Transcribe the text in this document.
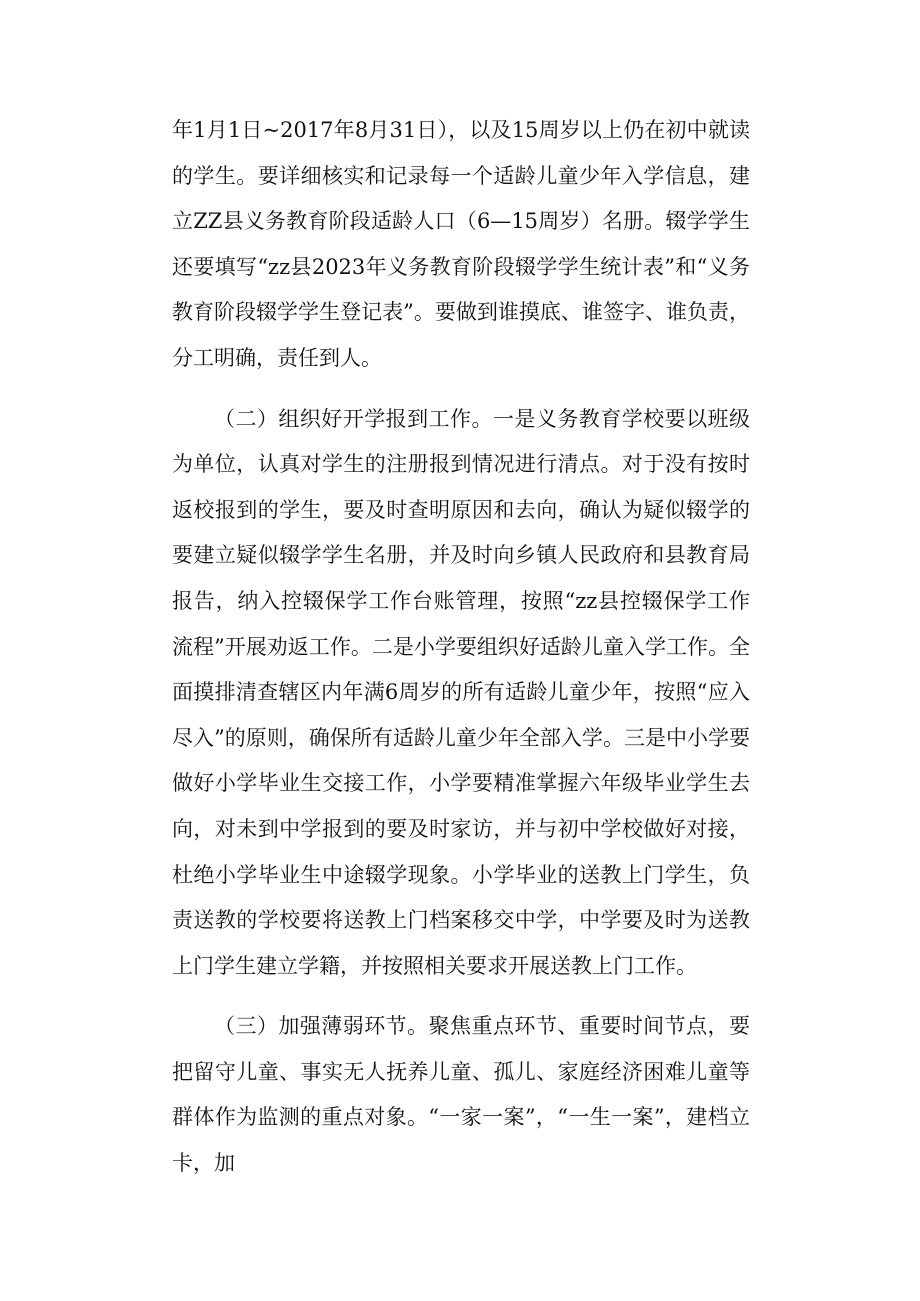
年1月1日~2017年8月31日），以及15周岁以上仍在初中就读的学生。要详细核实和记录每一个适龄儿童少年入学信息，建立ZZ县义务教育阶段适龄人口（6—15周岁）名册。辍学学生还要填写“zz县2023年义务教育阶段辍学学生统计表”和“义务教育阶段辍学学生登记表”。要做到谁摸底、谁签字、谁负责，分工明确，责任到人。

（二）组织好开学报到工作。一是义务教育学校要以班级为单位，认真对学生的注册报到情况进行清点。对于没有按时返校报到的学生，要及时查明原因和去向，确认为疑似辍学的要建立疑似辍学学生名册，并及时向乡镇人民政府和县教育局报告，纳入控辍保学工作台账管理，按照“zz县控辍保学工作流程”开展劝返工作。二是小学要组织好适龄儿童入学工作。全面摸排清查辖区内年满6周岁的所有适龄儿童少年，按照“应入尽入”的原则，确保所有适龄儿童少年全部入学。三是中小学要做好小学毕业生交接工作，小学要精准掌握六年级毕业学生去向，对未到中学报到的要及时家访，并与初中学校做好对接，杜绝小学毕业生中途辍学现象。小学毕业的送教上门学生，负责送教的学校要将送教上门档案移交中学，中学要及时为送教上门学生建立学籍，并按照相关要求开展送教上门工作。

（三）加强薄弱环节。聚焦重点环节、重要时间节点，要把留守儿童、事实无人抚养儿童、孤儿、家庭经济困难儿童等群体作为监测的重点对象。“一家一案”，“一生一案”，建档立卡，加
